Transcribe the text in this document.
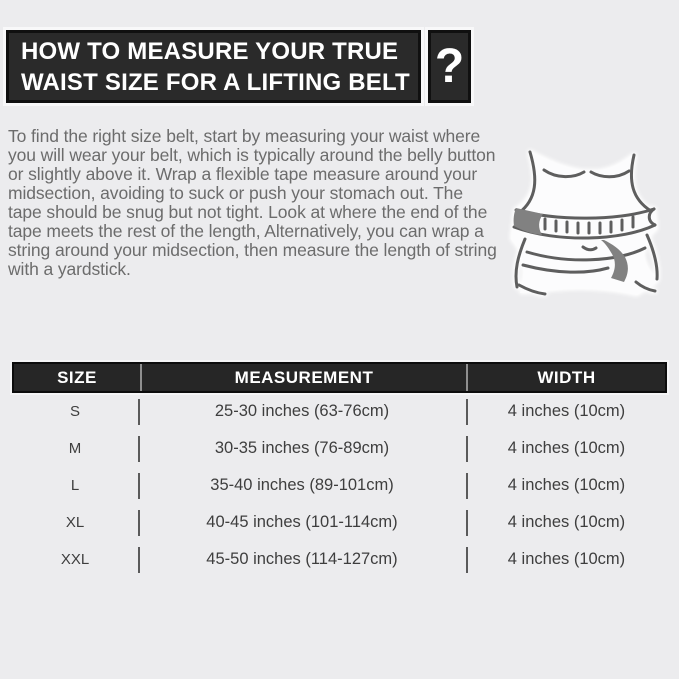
HOW TO MEASURE YOUR TRUE
WAIST SIZE FOR A LIFTING BELT ?
To find the right size belt, start by measuring your waist where you will wear your belt, which is typically around the belly button or slightly above it. Wrap a flexible tape measure around your midsection, avoiding to suck or push your stomach out. The tape should be snug but not tight. Look at where the end of the tape meets the rest of the length, Alternatively, you can wrap a string around your midsection, then measure the length of string with a yardstick.
SIZE	MEASUREMENT	WIDTH
S	25-30 inches (63-76cm)	4 inches (10cm)
M	30-35 inches (76-89cm)	4 inches (10cm)
L	35-40 inches (89-101cm)	4 inches (10cm)
XL	40-45 inches (101-114cm)	4 inches (10cm)
XXL	45-50 inches (114-127cm)	4 inches (10cm)
